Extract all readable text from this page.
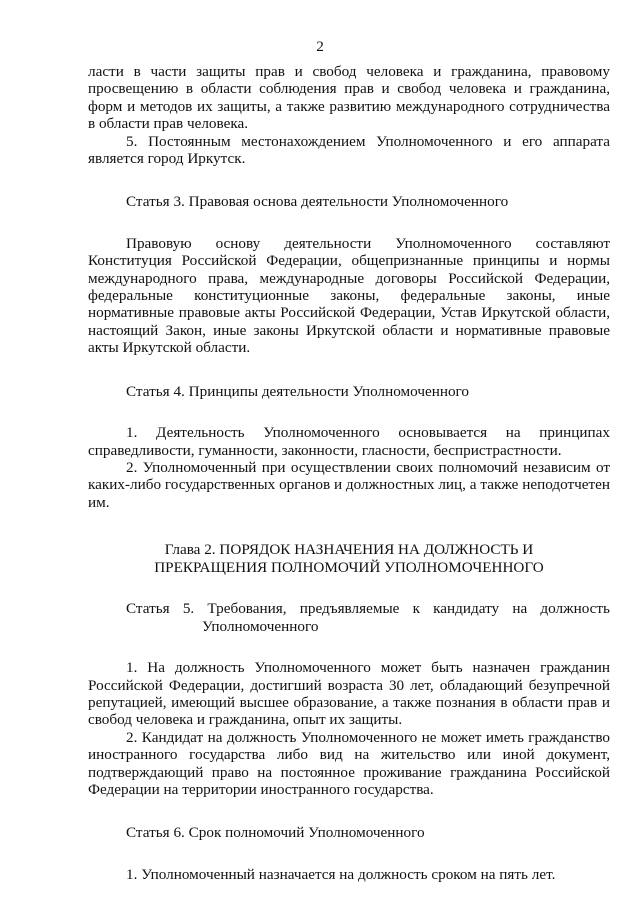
2

ласти в части защиты прав и свобод человека и гражданина, правовому просвещению в области соблюдения прав и свобод человека и гражданина, форм и методов их защиты, а также развитию международного сотрудничества в области прав человека.

5. Постоянным местонахождением Уполномоченного и его аппарата является город Иркутск.

Статья 3. Правовая основа деятельности Уполномоченного

Правовую основу деятельности Уполномоченного составляют Конституция Российской Федерации, общепризнанные принципы и нормы международного права, международные договоры Российской Федерации, федеральные конституционные законы, федеральные законы, иные нормативные правовые акты Российской Федерации, Устав Иркутской области, настоящий Закон, иные законы Иркутской области и нормативные правовые акты Иркутской области.

Статья 4. Принципы деятельности Уполномоченного

1. Деятельность Уполномоченного основывается на принципах справедливости, гуманности, законности, гласности, беспристрастности.

2. Уполномоченный при осуществлении своих полномочий независим от каких-либо государственных органов и должностных лиц, а также неподотчетен им.

Глава 2. ПОРЯДОК НАЗНАЧЕНИЯ НА ДОЛЖНОСТЬ И
ПРЕКРАЩЕНИЯ ПОЛНОМОЧИЙ УПОЛНОМОЧЕННОГО
Статья 5. Требования, предъявляемые к кандидату на должность Уполномоченного

1. На должность Уполномоченного может быть назначен гражданин Российской Федерации, достигший возраста 30 лет, обладающий безупречной репутацией, имеющий высшее образование, а также познания в области прав и свобод человека и гражданина, опыт их защиты.

2. Кандидат на должность Уполномоченного не может иметь гражданство иностранного государства либо вид на жительство или иной документ, подтверждающий право на постоянное проживание гражданина Российской Федерации на территории иностранного государства.

Статья 6. Срок полномочий Уполномоченного

1. Уполномоченный назначается на должность сроком на пять лет.
